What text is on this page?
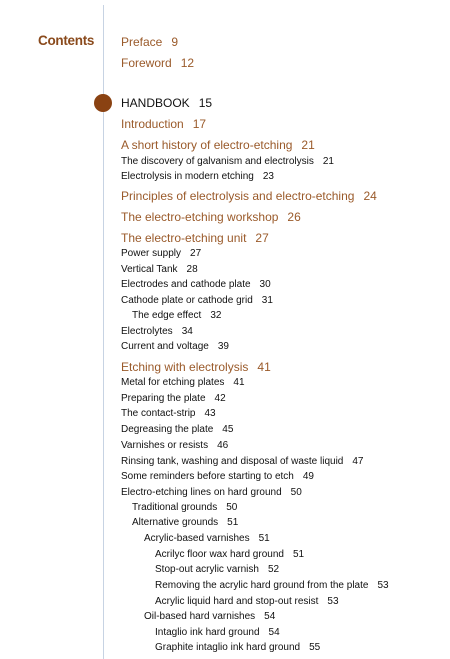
Contents Preface 9
Foreword 12
HANDBOOK 15
Introduction 17
A short history of electro-etching 21
The discovery of galvanism and electrolysis 21
Electrolysis in modern etching 23
Principles of electrolysis and electro-etching 24
The electro-etching workshop 26
The electro-etching unit 27
Power supply 27
Vertical Tank 28
Electrodes and cathode plate 30
Cathode plate or cathode grid 31
The edge effect 32
Electrolytes 34
Current and voltage 39
Etching with electrolysis 41
Metal for etching plates 41
Preparing the plate 42
The contact-strip 43
Degreasing the plate 45
Varnishes or resists 46
Rinsing tank, washing and disposal of waste liquid 47
Some reminders before starting to etch 49
Electro-etching lines on hard ground 50
Traditional grounds 50
Alternative grounds 51
Acrylic-based varnishes 51
Acrilyc floor wax hard ground 51
Stop-out acrylic varnish 52
Removing the acrylic hard ground from the plate 53
Acrylic liquid hard and stop-out resist 53
Oil-based hard varnishes 54
Intaglio ink hard ground 54
Graphite intaglio ink hard ground 55
